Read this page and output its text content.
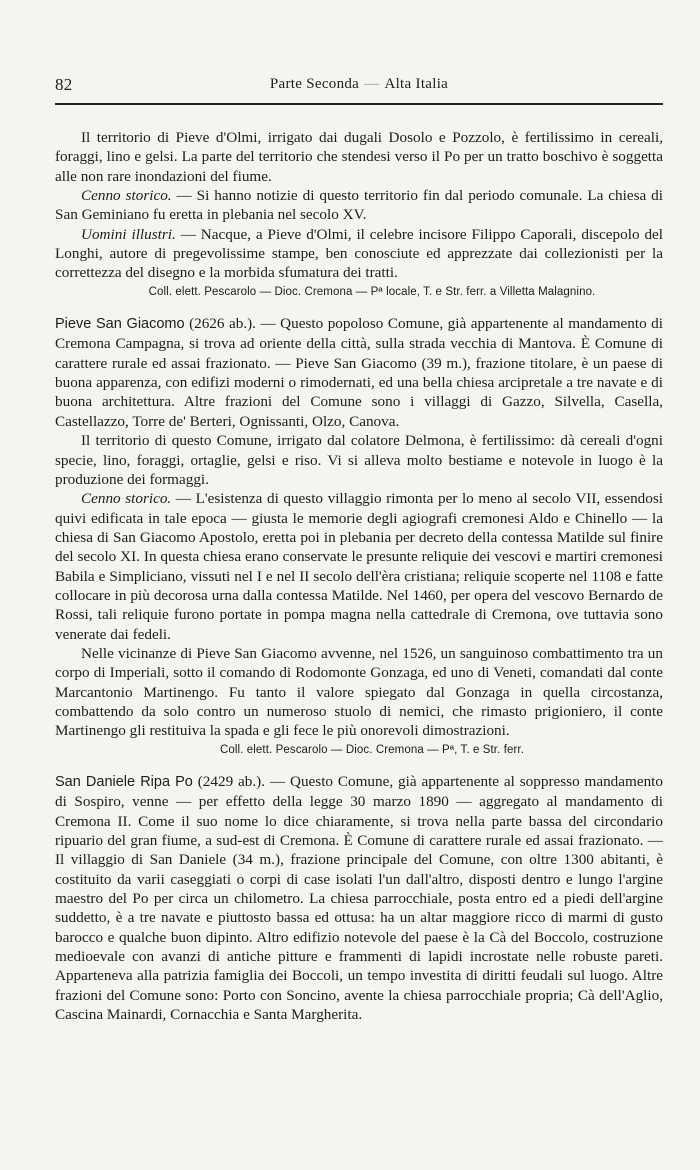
82	Parte Seconda — Alta Italia

Il territorio di Pieve d'Olmi, irrigato dai dugali Dosolo e Pozzolo, è fertilissimo in cereali, foraggi, lino e gelsi. La parte del territorio che stendesi verso il Po per un tratto boschivo è soggetta alle non rare inondazioni del fiume.

Cenno storico. — Si hanno notizie di questo territorio fin dal periodo comunale. La chiesa di San Geminiano fu eretta in plebania nel secolo XV.

Uomini illustri. — Nacque, a Pieve d'Olmi, il celebre incisore Filippo Caporali, discepolo del Longhi, autore di pregevolissime stampe, ben conosciute ed apprezzate dai collezionisti per la correttezza del disegno e la morbida sfumatura dei tratti.

Coll. elett. Pescarolo — Dioc. Cremona — Pª locale, T. e Str. ferr. a Villetta Malagnino.

Pieve San Giacomo (2626 ab.). — Questo popoloso Comune, già appartenente al mandamento di Cremona Campagna, si trova ad oriente della città, sulla strada vecchia di Mantova. È Comune di carattere rurale ed assai frazionato. — Pieve San Giacomo (39 m.), frazione titolare, è un paese di buona apparenza, con edifizi moderni o rimodernati, ed una bella chiesa arcipretale a tre navate e di buona architettura. Altre frazioni del Comune sono i villaggi di Gazzo, Silvella, Casella, Castellazzo, Torre de' Berteri, Ognissanti, Olzo, Canova.

Il territorio di questo Comune, irrigato dal colatore Delmona, è fertilissimo: dà cereali d'ogni specie, lino, foraggi, ortaglie, gelsi e riso. Vi si alleva molto bestiame e notevole in luogo è la produzione dei formaggi.

Cenno storico. — L'esistenza di questo villaggio rimonta per lo meno al secolo VII, essendosi quivi edificata in tale epoca — giusta le memorie degli agiografi cremonesi Aldo e Chinello — la chiesa di San Giacomo Apostolo, eretta poi in plebania per decreto della contessa Matilde sul finire del secolo XI. In questa chiesa erano conservate le presunte reliquie dei vescovi e martiri cremonesi Babila e Simpliciano, vissuti nel I e nel II secolo dell'èra cristiana; reliquie scoperte nel 1108 e fatte collocare in più decorosa urna dalla contessa Matilde. Nel 1460, per opera del vescovo Bernardo de Rossi, tali reliquie furono portate in pompa magna nella cattedrale di Cremona, ove tuttavia sono venerate dai fedeli.

Nelle vicinanze di Pieve San Giacomo avvenne, nel 1526, un sanguinoso combattimento tra un corpo di Imperiali, sotto il comando di Rodomonte Gonzaga, ed uno di Veneti, comandati dal conte Marcantonio Martinengo. Fu tanto il valore spiegato dal Gonzaga in quella circostanza, combattendo da solo contro un numeroso stuolo di nemici, che rimasto prigioniero, il conte Martinengo gli restituiva la spada e gli fece le più onorevoli dimostrazioni.

Coll. elett. Pescarolo — Dioc. Cremona — Pª, T. e Str. ferr.

San Daniele Ripa Po (2429 ab.). — Questo Comune, già appartenente al soppresso mandamento di Sospiro, venne — per effetto della legge 30 marzo 1890 — aggregato al mandamento di Cremona II. Come il suo nome lo dice chiaramente, si trova nella parte bassa del circondario ripuario del gran fiume, a sud-est di Cremona. È Comune di carattere rurale ed assai frazionato. — Il villaggio di San Daniele (34 m.), frazione principale del Comune, con oltre 1300 abitanti, è costituito da varii caseggiati o corpi di case isolati l'un dall'altro, disposti dentro e lungo l'argine maestro del Po per circa un chilometro. La chiesa parrocchiale, posta entro ed a piedi dell'argine suddetto, è a tre navate e piuttosto bassa ed ottusa: ha un altar maggiore ricco di marmi di gusto barocco e qualche buon dipinto. Altro edifizio notevole del paese è la Cà del Boccolo, costruzione medioevale con avanzi di antiche pitture e frammenti di lapidi incrostate nelle robuste pareti. Apparteneva alla patrizia famiglia dei Boccoli, un tempo investita di diritti feudali sul luogo. Altre frazioni del Comune sono: Porto con Soncino, avente la chiesa parrocchiale propria; Cà dell'Aglio, Cascina Mainardi, Cornacchia e Santa Margherita.
